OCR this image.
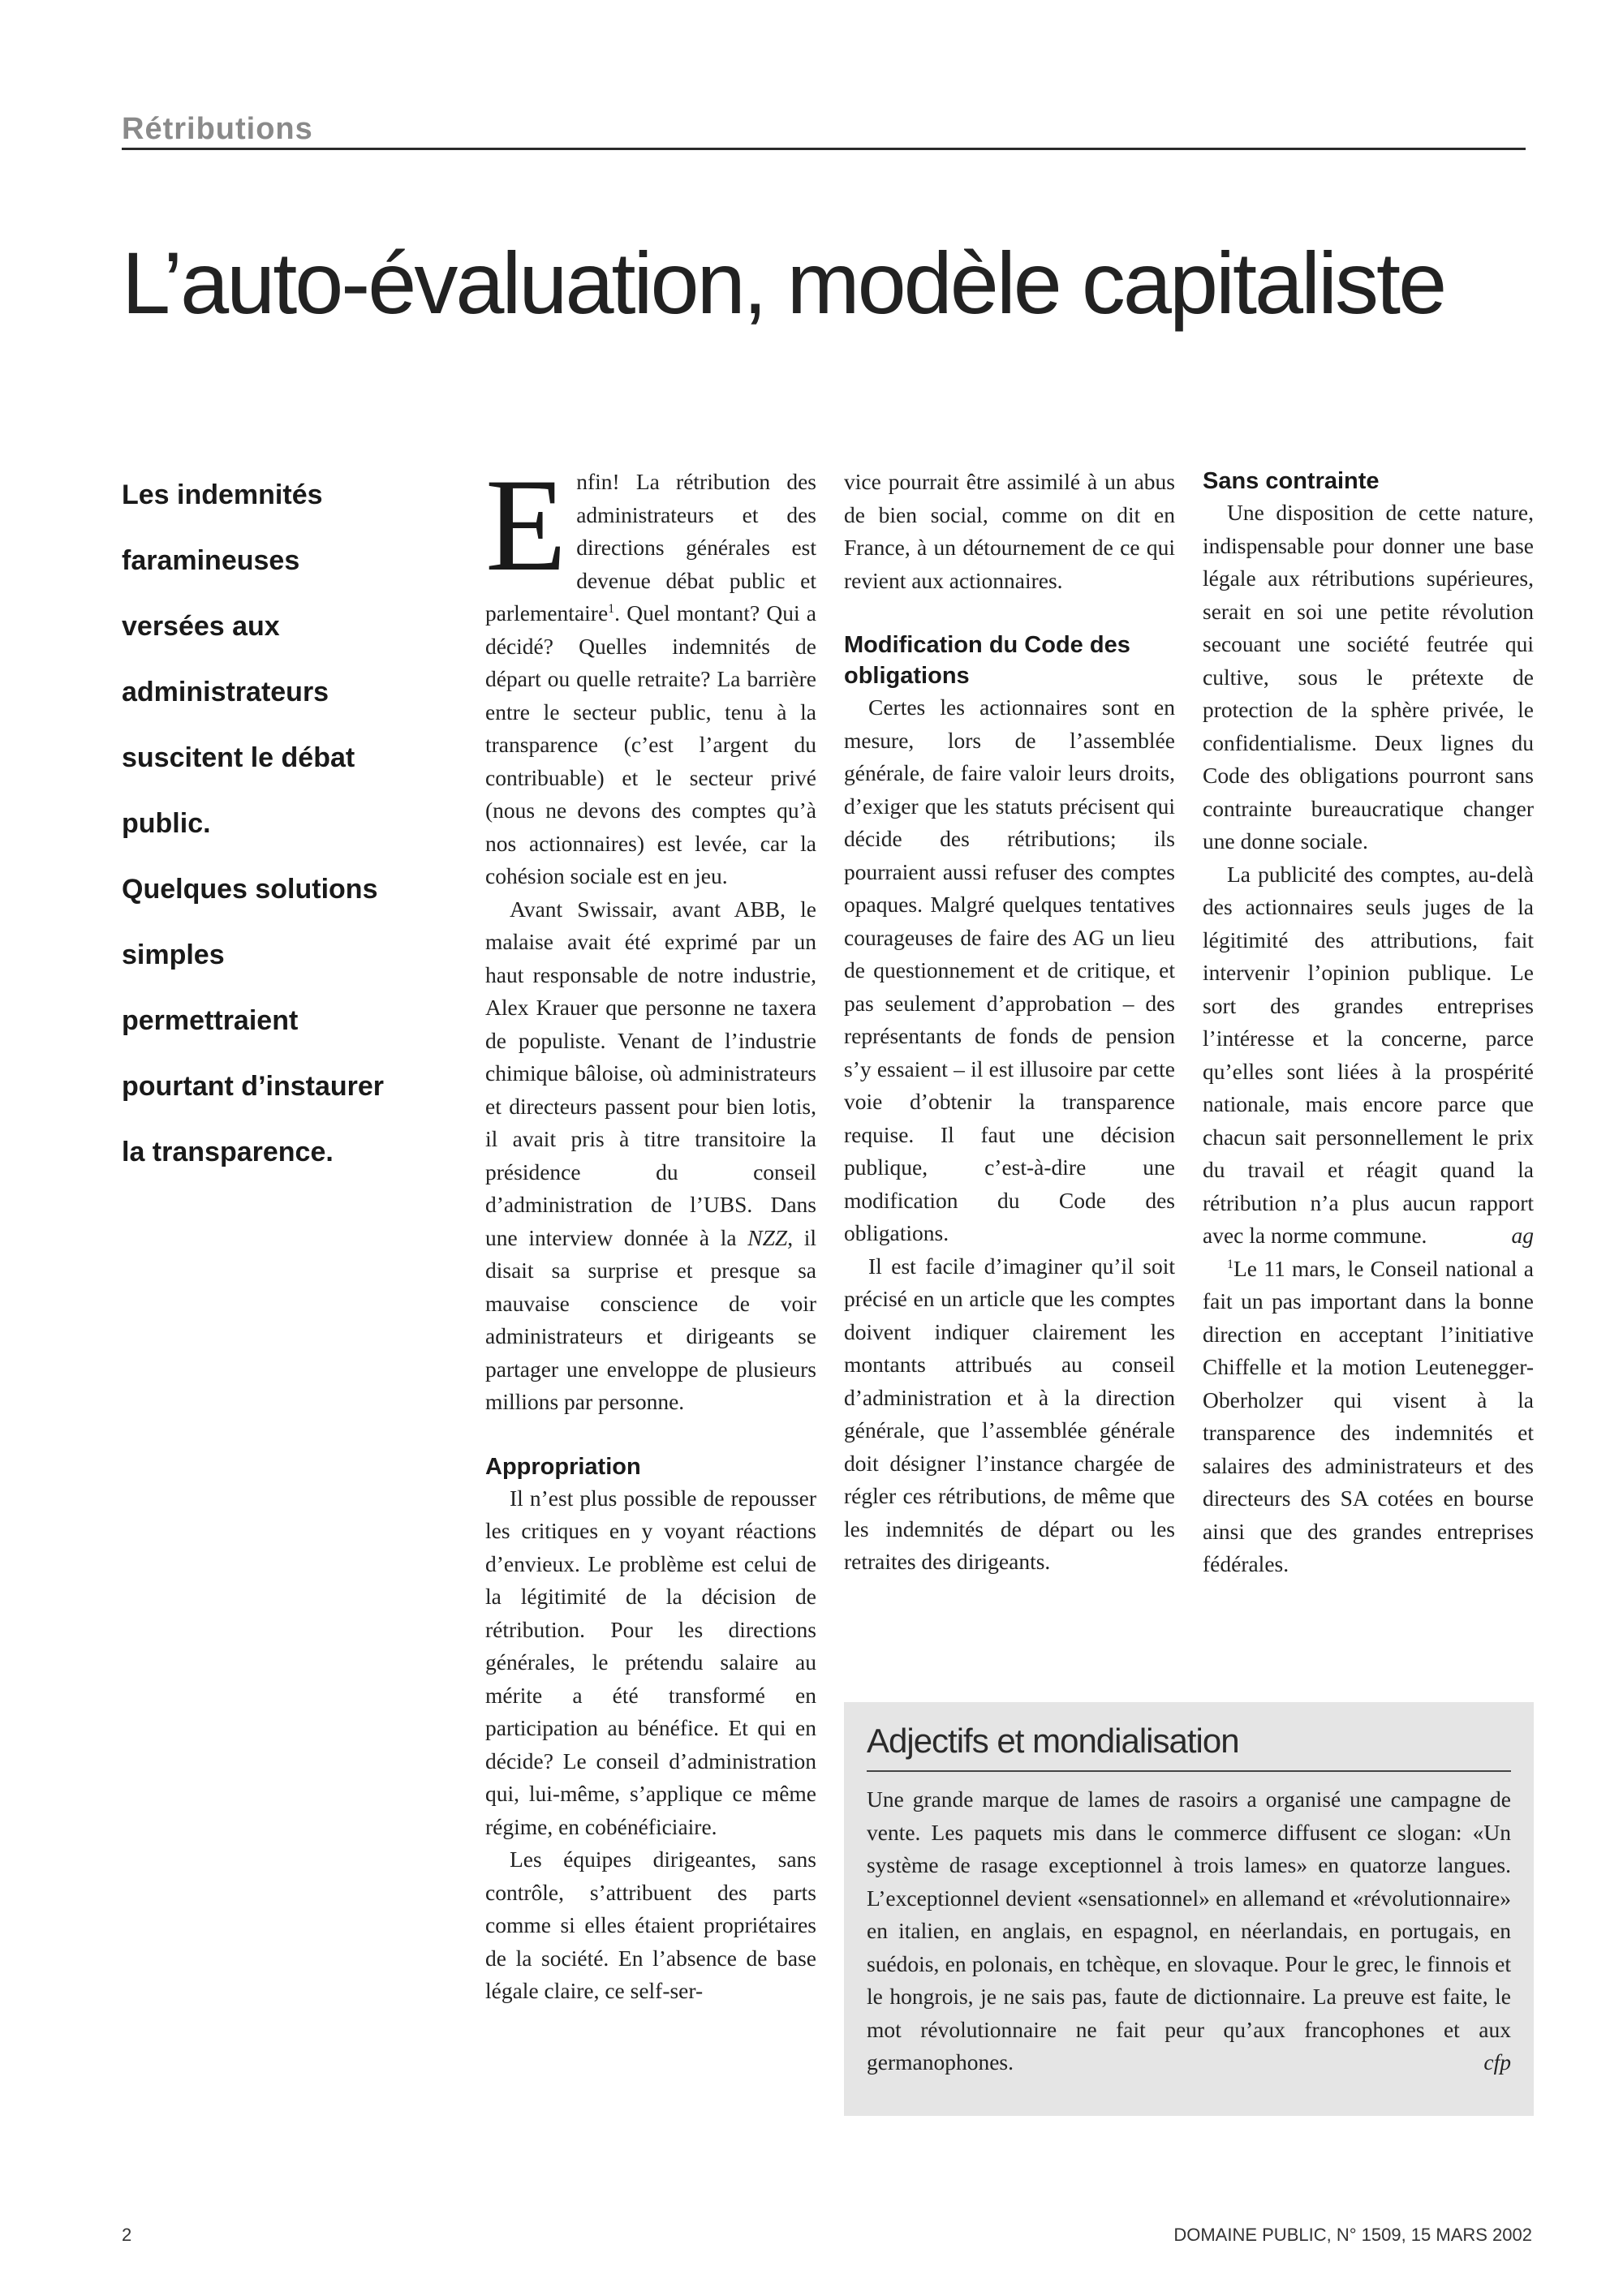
Rétributions
L’auto-évaluation, modèle capitaliste

Les indemnités

faramineuses

versées aux

administrateurs

suscitent le débat

public.

Quelques solutions

simples

permettraient

pourtant d’instaurer

la transparence.

Enfin! La rétribution des administrateurs et des directions générales est devenue débat public et parlementaire$^1$. Quel montant? Qui a décidé? Quelles indemnités de départ ou quelle retraite? La barrière entre le secteur public, tenu à la transparence (c’est l’argent du contribuable) et le secteur privé (nous ne devons des comptes qu’à nos actionnaires) est levée, car la cohésion sociale est en jeu.

Avant Swissair, avant ABB, le malaise avait été exprimé par un haut responsable de notre industrie, Alex Krauer que personne ne taxera de populiste. Venant de l’industrie chimique bâloise, où administrateurs et directeurs passent pour bien lotis, il avait pris à titre transitoire la présidence du conseil d’administration de l’UBS. Dans une interview donnée à la NZZ, il disait sa surprise et presque sa mauvaise conscience de voir administrateurs et dirigeants se partager une enveloppe de plusieurs millions par personne.

Appropriation

Il n’est plus possible de repousser les critiques en y voyant réactions d’envieux. Le problème est celui de la légitimité de la décision de rétribution. Pour les directions générales, le prétendu salaire au mérite a été transformé en participation au bénéfice. Et qui en décide? Le conseil d’administration qui, lui-même, s’applique ce même régime, en cobénéficiaire.

Les équipes dirigeantes, sans contrôle, s’attribuent des parts comme si elles étaient propriétaires de la société. En l’absence de base légale claire, ce self-ser-

vice pourrait être assimilé à un abus de bien social, comme on dit en France, à un détournement de ce qui revient aux actionnaires.

Modification du Code des obligations

Certes les actionnaires sont en mesure, lors de l’assemblée générale, de faire valoir leurs droits, d’exiger que les statuts précisent qui décide des rétributions; ils pourraient aussi refuser des comptes opaques. Malgré quelques tentatives courageuses de faire des AG un lieu de questionnement et de critique, et pas seulement d’approbation – des représentants de fonds de pension s’y essaient – il est illusoire par cette voie d’obtenir la transparence requise. Il faut une décision publique, c’est-à-dire une modification du Code des obligations.

Il est facile d’imaginer qu’il soit précisé en un article que les comptes doivent indiquer clairement les montants attribués au conseil d’administration et à la direction générale, que l’assemblée générale doit désigner l’instance chargée de régler ces rétributions, de même que les indemnités de départ ou les retraites des dirigeants.

Sans contrainte

Une disposition de cette nature, indispensable pour donner une base légale aux rétributions supérieures, serait en soi une petite révolution secouant une société feutrée qui cultive, sous le prétexte de protection de la sphère privée, le confidentialisme. Deux lignes du Code des obligations pourront sans contrainte bureaucratique changer une donne sociale.

La publicité des comptes, au-delà des actionnaires seuls juges de la légitimité des attributions, fait intervenir l’opinion publique. Le sort des grandes entreprises l’intéresse et la concerne, parce qu’elles sont liées à la prospérité nationale, mais encore parce que chacun sait personnellement le prix du travail et réagit quand la rétribution n’a plus aucun rapport avec la norme commune.	ag

$^1$Le 11 mars, le Conseil national a fait un pas important dans la bonne direction en acceptant l’initiative Chiffelle et la motion Leutenegger-Oberholzer qui visent à la transparence des indemnités et salaires des administrateurs et des directeurs des SA cotées en bourse ainsi que des grandes entreprises fédérales.

Adjectifs et mondialisation

Une grande marque de lames de rasoirs a organisé une campagne de vente. Les paquets mis dans le commerce diffusent ce slogan: «Un système de rasage exceptionnel à trois lames» en quatorze langues. L’exceptionnel devient «sensationnel» en allemand et «révolutionnaire» en italien, en anglais, en espagnol, en néerlandais, en portugais, en suédois, en polonais, en tchèque, en slovaque. Pour le grec, le finnois et le hongrois, je ne sais pas, faute de dictionnaire. La preuve est faite, le mot révolutionnaire ne fait peur qu’aux francophones et aux germanophones.	cfp

2	DOMAINE PUBLIC, N° 1509, 15 MARS 2002
